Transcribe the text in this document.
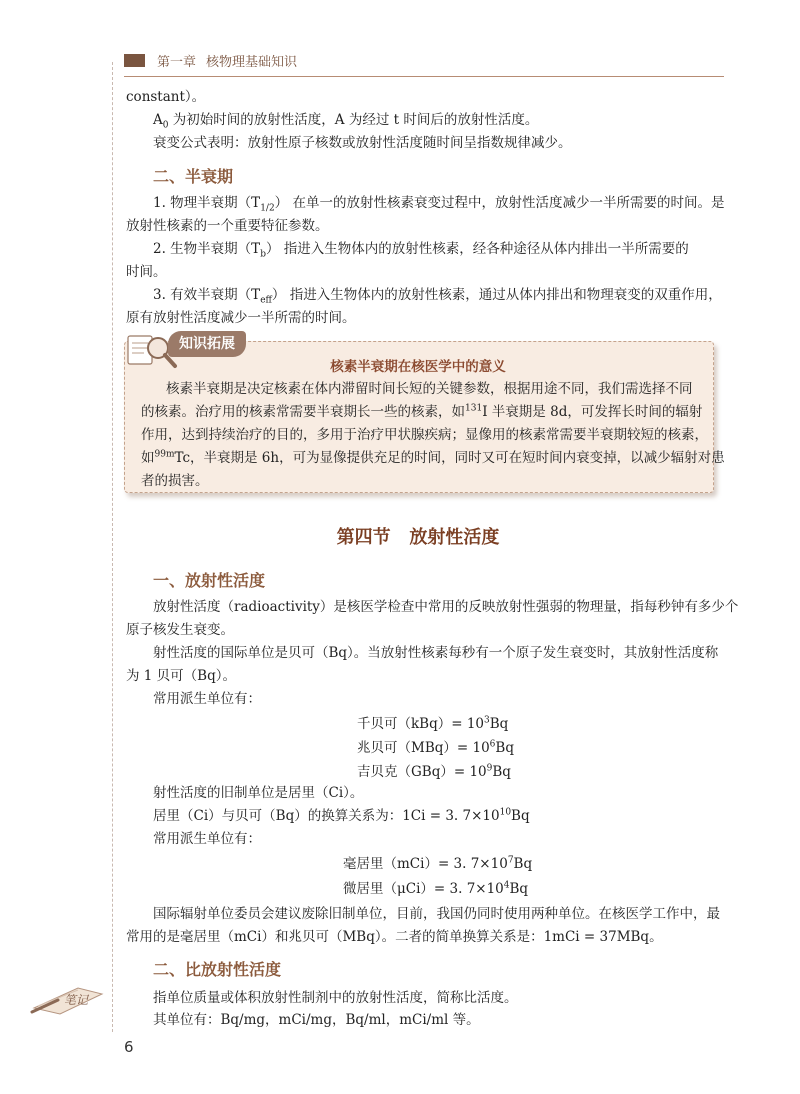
第一章 核物理基础知识
constant）。
$A_0$ 为初始时间的放射性活度，A 为经过 t 时间后的放射性活度。
衰变公式表明：放射性原子核数或放射性活度随时间呈指数规律减少。
二、半衰期
1. 物理半衰期$(T_{1/2})$ 在单一的放射性核素衰变过程中，放射性活度减少一半所需要的时间。是
放射性核素的一个重要特征参数。
2. 生物半衰期$(T_b)$ 指进入生物体内的放射性核素，经各种途径从体内排出一半所需要的
时间。
3. 有效半衰期$(T_{eff})$ 指进入生物体内的放射性核素，通过从体内排出和物理衰变的双重作用，
原有放射性活度减少一半所需的时间。
知识拓展
核素半衰期在核医学中的意义
核素半衰期是决定核素在体内滞留时间长短的关键参数，根据用途不同，我们需选择不同
的核素。治疗用的核素常需要半衰期长一些的核素，如$^{131}$I 半衰期是 8d，可发挥长时间的辐射
作用，达到持续治疗的目的，多用于治疗甲状腺疾病；显像用的核素常需要半衰期较短的核素，
如$^{99m}$Tc，半衰期是 6h，可为显像提供充足的时间，同时又可在短时间内衰变掉，以减少辐射对患
者的损害。
第四节   放射性活度
一、放射性活度
放射性活度（radioactivity）是核医学检查中常用的反映放射性强弱的物理量，指每秒钟有多少个
原子核发生衰变。
射性活度的国际单位是贝可（Bq）。当放射性核素每秒有一个原子发生衰变时，其放射性活度称
为 1 贝可（Bq）。
常用派生单位有：
千贝可$(kBq)= 10^3Bq$
兆贝可$(MBq)= 10^6Bq$
吉贝克$(GBq)= 10^9Bq$
射性活度的旧制单位是居里（Ci）。
居里（Ci）与贝可（Bq）的换算关系为：1Ci = 3. $7\times 10^{10}Bq$
常用派生单位有：
毫居里（mCi）= 3. $7\times 10^7Bq$
微居里（μCi）= 3. $7\times 10^4Bq$
国际辐射单位委员会建议废除旧制单位，目前，我国仍同时使用两种单位。在核医学工作中，最
常用的是毫居里（mCi）和兆贝可（MBq）。二者的简单换算关系是：1mCi = 37MBq。
二、比放射性活度
指单位质量或体积放射性制剂中的放射性活度，简称比活度。
其单位有：Bq/mg，mCi/mg，Bq/ml，mCi/ml 等。
笔记
6
